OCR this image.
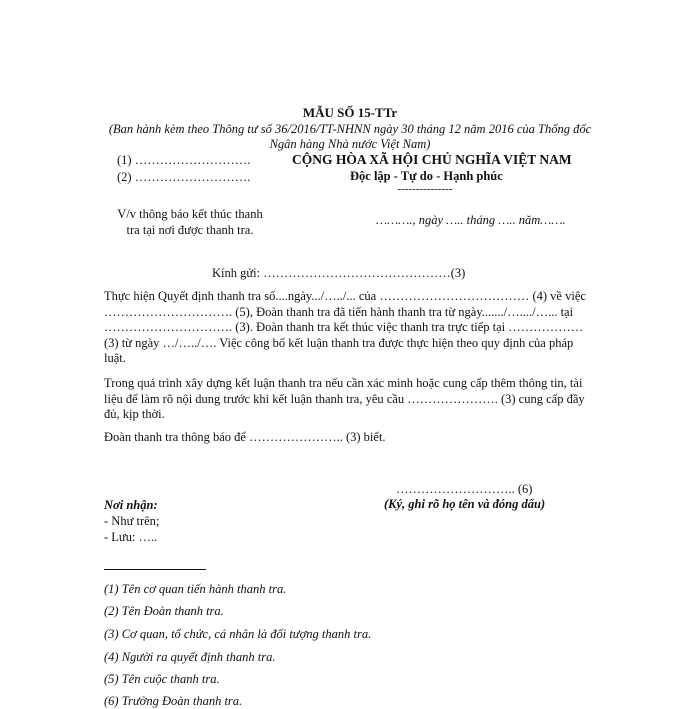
MẪU SỐ 15-TTr
(Ban hành kèm theo Thông tư số 36/2016/TT-NHNN ngày 30 tháng 12 năm 2016 của Thống đốc Ngân hàng Nhà nước Việt Nam)
(1) ……………………….
(2) ……………………….
CỘNG HÒA XÃ HỘI CHỦ NGHĨA VIỆT NAM
Độc lập - Tự do - Hạnh phúc
---------------
V/v thông báo kết thúc thanh
tra tại nơi được thanh tra.
………., ngày ….. tháng ….. năm…….
Kính gửi: ………………………………………(3)
Thực hiện Quyết định thanh tra số....ngày.../…../... của ……………………………… (4) về việc …………………………. (5), Đoàn thanh tra đã tiến hành thanh tra từ ngày......./…..../…... tại …………………………. (3). Đoàn thanh tra kết thúc việc thanh tra trực tiếp tại ……………… (3) từ ngày …/…../…. Việc công bố kết luận thanh tra được thực hiện theo quy định của pháp luật.
Trong quá trình xây dựng kết luận thanh tra nếu cần xác minh hoặc cung cấp thêm thông tin, tài liệu để làm rõ nội dung trước khi kết luận thanh tra, yêu cầu …………………. (3) cung cấp đầy đủ, kịp thời.
Đoàn thanh tra thông báo để ………………….. (3) biết.
……………………….. (6)
(Ký, ghi rõ họ tên và đóng dấu)
Nơi nhận:
- Như trên;
- Lưu: …..
(1) Tên cơ quan tiến hành thanh tra.
(2) Tên Đoàn thanh tra.
(3) Cơ quan, tổ chức, cá nhân là đối tượng thanh tra.
(4) Người ra quyết định thanh tra.
(5) Tên cuộc thanh tra.
(6) Trưởng Đoàn thanh tra.
